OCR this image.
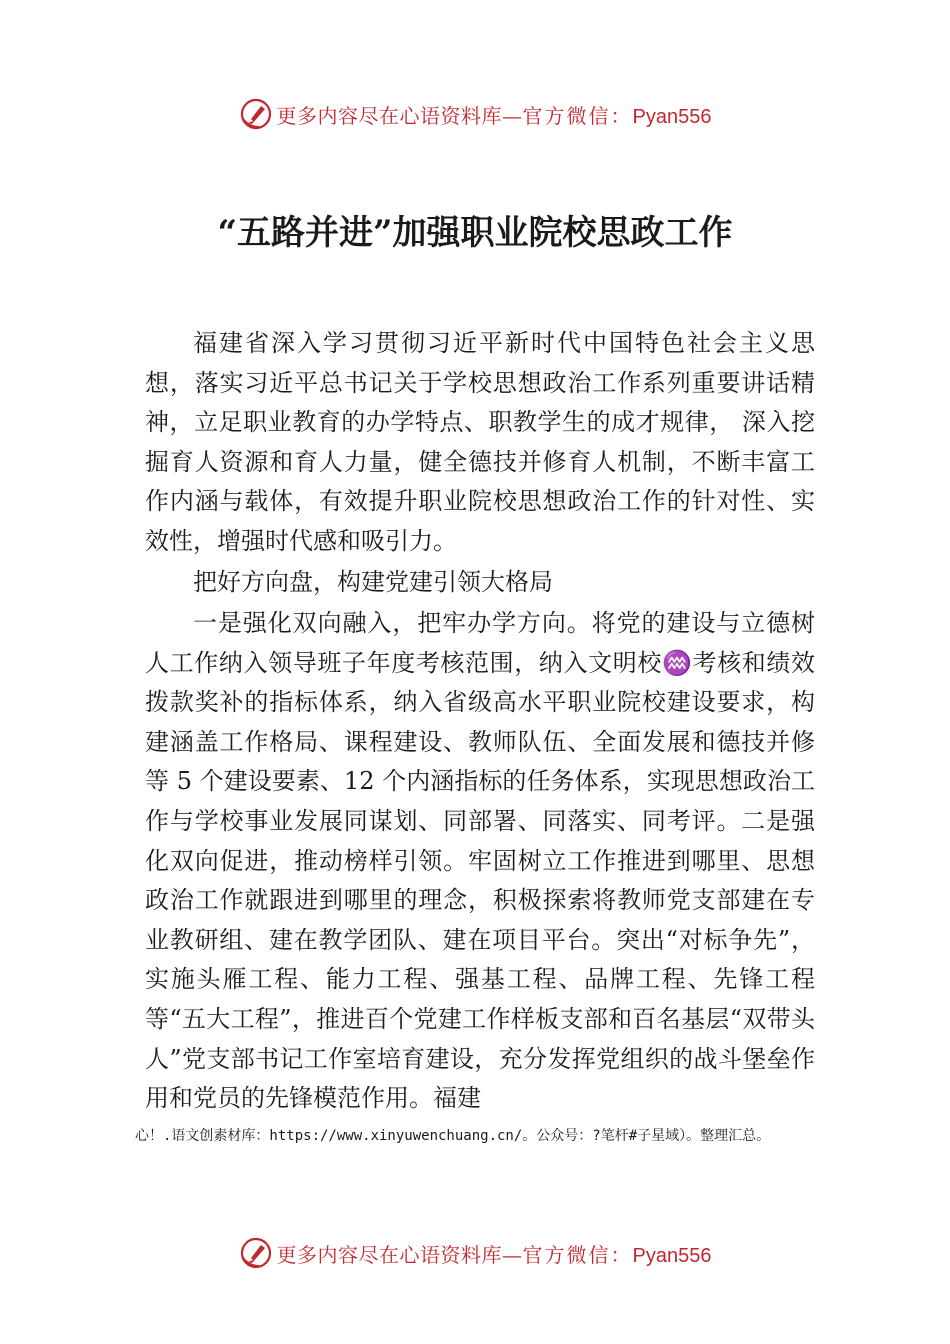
更多内容尽在心语资料库—官方微信：Pyan556
“五路并进”加强职业院校思政工作

福建省深入学习贯彻习近平新时代中国特色社会主义思想，落实习近平总书记关于学校思想政治工作系列重要讲话精神，立足职业教育的办学特点、职教学生的成才规律， 深入挖掘育人资源和育人力量，健全德技并修育人机制，不断丰富工作内涵与载体，有效提升职业院校思想政治工作的针对性、实效性，增强时代感和吸引力。

把好方向盘，构建党建引领大格局

一是强化双向融入，把牢办学方向。将党的建设与立德树人工作纳入领导班子年度考核范围，纳入文明校♒考核和绩效拨款奖补的指标体系，纳入省级高水平职业院校建设要求，构建涵盖工作格局、课程建设、教师队伍、全面发展和德技并修等 5 个建设要素、12 个内涵指标的任务体系，实现思想政治工作与学校事业发展同谋划、同部署、同落实、同考评。二是强化双向促进，推动榜样引领。牢固树立工作推进到哪里、思想政治工作就跟进到哪里的理念，积极探索将教师党支部建在专业教研组、建在教学团队、建在项目平台。突出“对标争先”，实施头雁工程、能力工程、强基工程、品牌工程、先锋工程等“五大工程”，推进百个党建工作样板支部和百名基层“双带头人”党支部书记工作室培育建设，充分发挥党组织的战斗堡垒作用和党员的先锋模范作用。福建

心！.语文创素材库：https://www.xinyuwenchuang.cn/。公众号：?笔杆#子星域）。整理汇总。
更多内容尽在心语资料库—官方微信：Pyan556
